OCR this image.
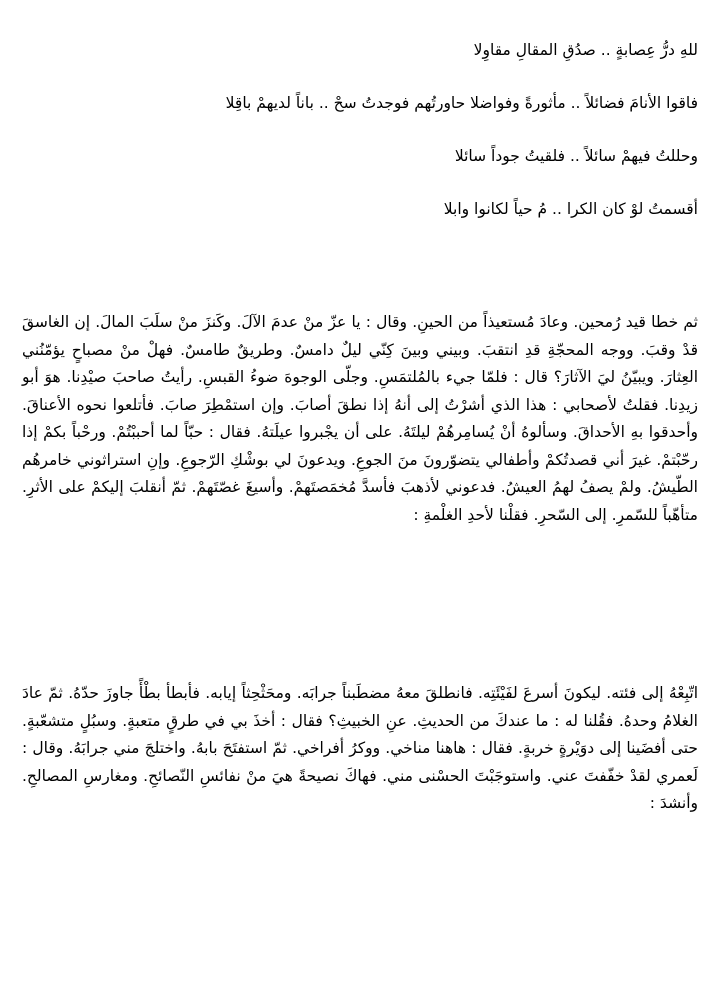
للهِ درُّ عِصابةٍ .. صدُقِ المقالِ مقاوِلا
فاقوا الأنامَ فضائلاً .. مأثورةً وفواضلا حاورتُهم فوجدتُ سحْ .. باناً لديهمْ باقِلا
وحللتُ فيهمْ سائلاً .. فلقيتُ جوداً سائلا
أقسمتُ لوْ كان الكرا .. مُ حياً لكانوا وابلا

ثم خطا قيد رُمحين. وعادَ مُستعيذاً من الحينِ. وقال : يا عزّ منْ عدمَ الآلَ. وكَنزَ منْ سلَبَ المالَ. إن الغاسقَ قدْ وقبَ. ووجه المحجّةِ قدِ انتقبَ. وبيني وبينَ كِنّي ليلٌ دامسٌ. وطريقٌ طامسٌ. فهلْ منْ مصباحٍ يؤمّنُني العِثارَ. ويبيّنُ ليَ الآثارَ؟ قال : فلمّا جيء بالمُلتمَسِ. وجلّى الوجوهَ ضوءُ القبسِ. رأيتُ صاحبَ صيْدِنا. هوَ أبو زيدِنا. فقلتُ لأصحابي : هذا الذي أشرْتُ إلى أنهُ إذا نطقَ أصابَ. وإن استمْطِرَ صابَ. فأتلعوا نحوه الأعناقَ. وأحدقوا بهِ الأحداقَ. وسألوهُ أنْ يُسامِرهُمْ ليلتَهُ. على أن يجْبروا عيلَتهُ. فقال : حبّاً لما أحببْتُمْ. ورحْباً بكمْ إذا رحّبْتمْ. غيرَ أني قصدتُكمْ وأطفالي يتضوّرونَ منَ الجوعِ. ويدعونَ لي بوشْكِ الرّجوعِ. وإنِ استراثوني خامرهُم الطّيشُ. ولمْ يصفُ لهمُ العيشُ. فدعوني لأذهبَ فأسدَّ مُخمَصتَهمْ. وأسيغَ غصّتَهمْ. ثمّ أنقلبَ إليكمْ على الأثرِ. متأهّباً للسّمرِ. إلى السّحرِ. فقلْنا لأحدِ الغلْمةِ :

اتّبِعْهُ إلى فئته. ليكونَ أسرعَ لفَيْئَتِه. فانطلقَ معهُ مضطَبناً جرابَه. ومحَثْحِثاً إيابه. فأبطأ بطْأً جاوزَ حدّهُ. ثمّ عادَ الغلامُ وحدهُ. فقُلنا له : ما عندكَ من الحديثِ. عنِ الخبيثِ؟ فقال : أخذَ بي في طرقٍ متعبةٍ. وسبُلٍ متشعّبةٍ. حتى أفضَينا إلى دوَيْرةٍ خربةٍ. فقال : هاهنا مناخي. ووكرُ أفراخي. ثمّ استفتَحَ بابهُ. واختلجَ مني جرابَهُ. وقال : لَعمري لقدْ خفّفتَ عني. واستوجَبْتَ الحسْنى مني. فهاكَ نصيحةً هيَ منْ نفائسِ النّصائحِ. ومغارسِ المصالحِ. وأنشدَ :
